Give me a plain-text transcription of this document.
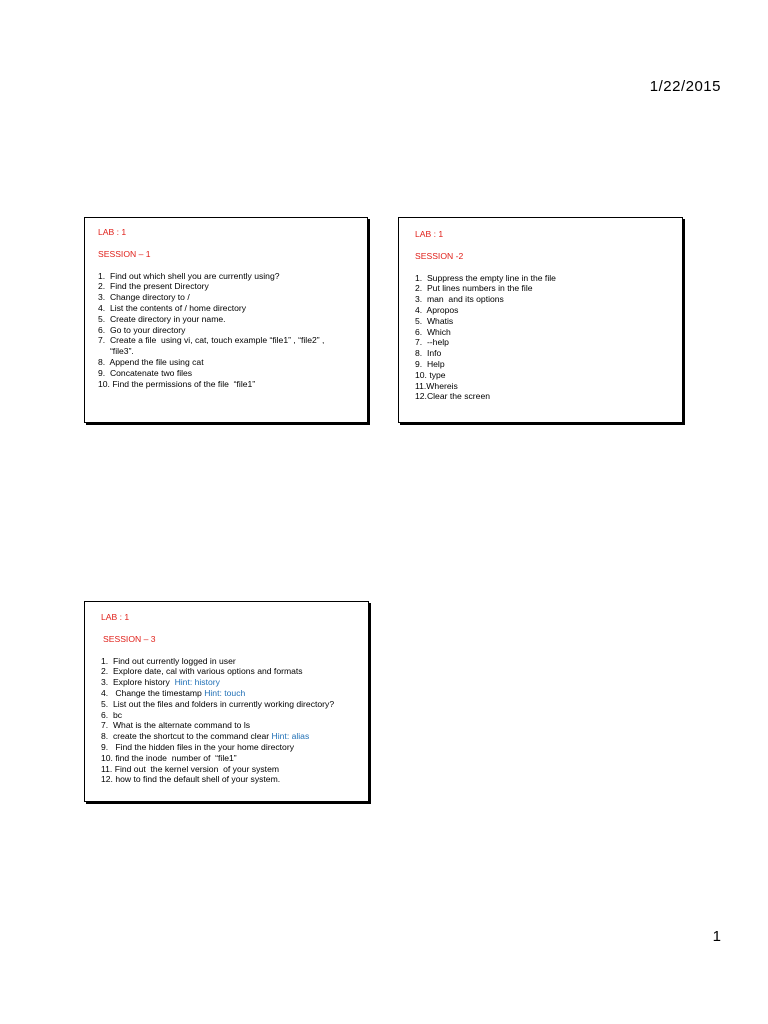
1/22/2015
LAB : 1
SESSION – 1
1.  Find out which shell you are currently using?
2.  Find the present Directory
3.  Change directory to /
4.  List the contents of / home directory
5.  Create directory in your name.
6.  Go to your directory
7.  Create a file  using vi, cat, touch example “file1” , “file2” ,
“file3”.
8.  Append the file using cat
9.  Concatenate two files
10. Find the permissions of the file  “file1”
LAB : 1
SESSION -2
1.  Suppress the empty line in the file
2.  Put lines numbers in the file
3.  man  and its options
4.  Apropos
5.  Whatis
6.  Which
7.  --help
8.  Info
9.  Help
10. type
11.Whereis
12.Clear the screen
LAB : 1
SESSION – 3
1.  Find out currently logged in user
2.  Explore date, cal with various options and formats
3.  Explore history  Hint: history
4.   Change the timestamp Hint: touch
5.  List out the files and folders in currently working directory?
6.  bc
7.  What is the alternate command to ls
8.  create the shortcut to the command clear Hint: alias
9.   Find the hidden files in the your home directory
10. find the inode  number of  “file1”
11. Find out  the kernel version  of your system
12. how to find the default shell of your system.
1
